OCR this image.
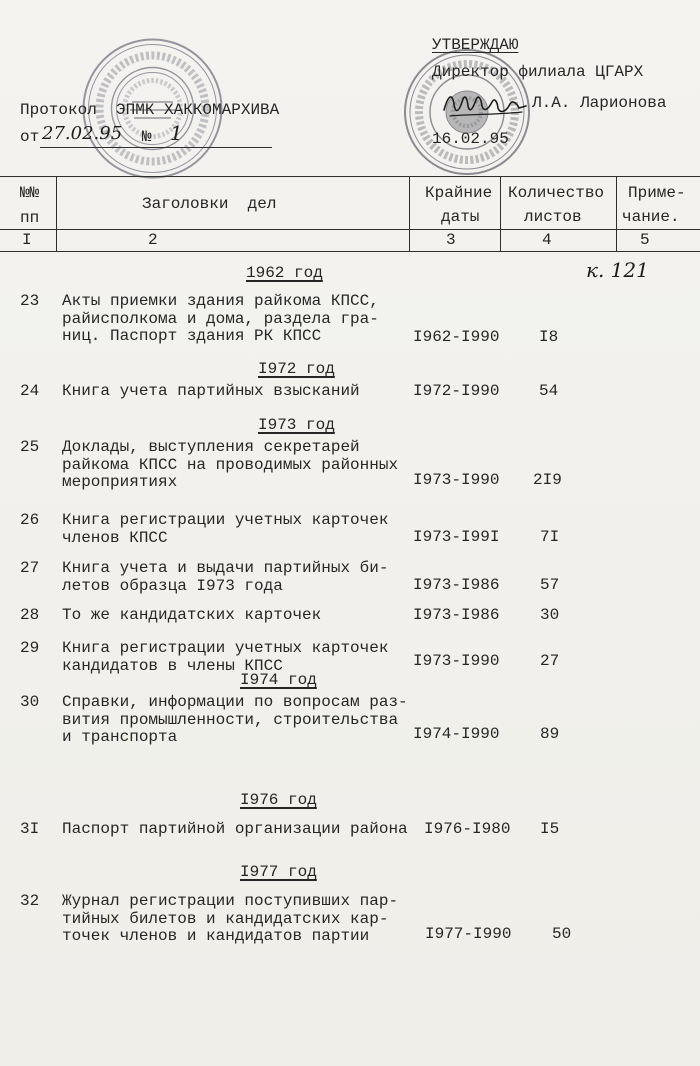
УТВЕРЖДАЮ
Директор филиала ЦГАРХ
Л.А. Ларионова
16.02.95
Протокол  ЭПМК ХАККОМАРХИВА
от 27.02.95 № 1
№№
пп
Заголовки  дел
Крайние
даты
Количество
листов
Приме-
чание.
I	2	3	4	5
к. 121
1962 год
I972 год
I973 год
I974 год
I976 год
I977 год
23 Акты приемки здания райкома КПСС,
райисполкома и дома, раздела гра-
ниц. Паспорт здания РК КПСС	I962-I990 I8
24 Книга учета партийных взысканий	I972-I990 54
25 Доклады, выступления секретарей
райкома КПСС на проводимых районных
мероприятиях	I973-I990 2I9
26 Книга регистрации учетных карточек
членов КПСС	I973-I99I	7I
27 Книга учета и выдачи партийных би-
летов образца I973 года	I973-I986	57
28 То же кандидатских карточек	I973-I986	30
29 Книга регистрации учетных карточек
кандидатов в члены КПСС	I973-I990	27
30 Справки, информации по вопросам раз-
вития промышленности, строительства
и транспорта	I974-I990	89
3I Паспорт партийной организации района I976-I980 I5
32 Журнал регистрации поступивших пар-
тийных билетов и кандидатских кар-
точек членов и кандидатов партии	I977-I990	50
